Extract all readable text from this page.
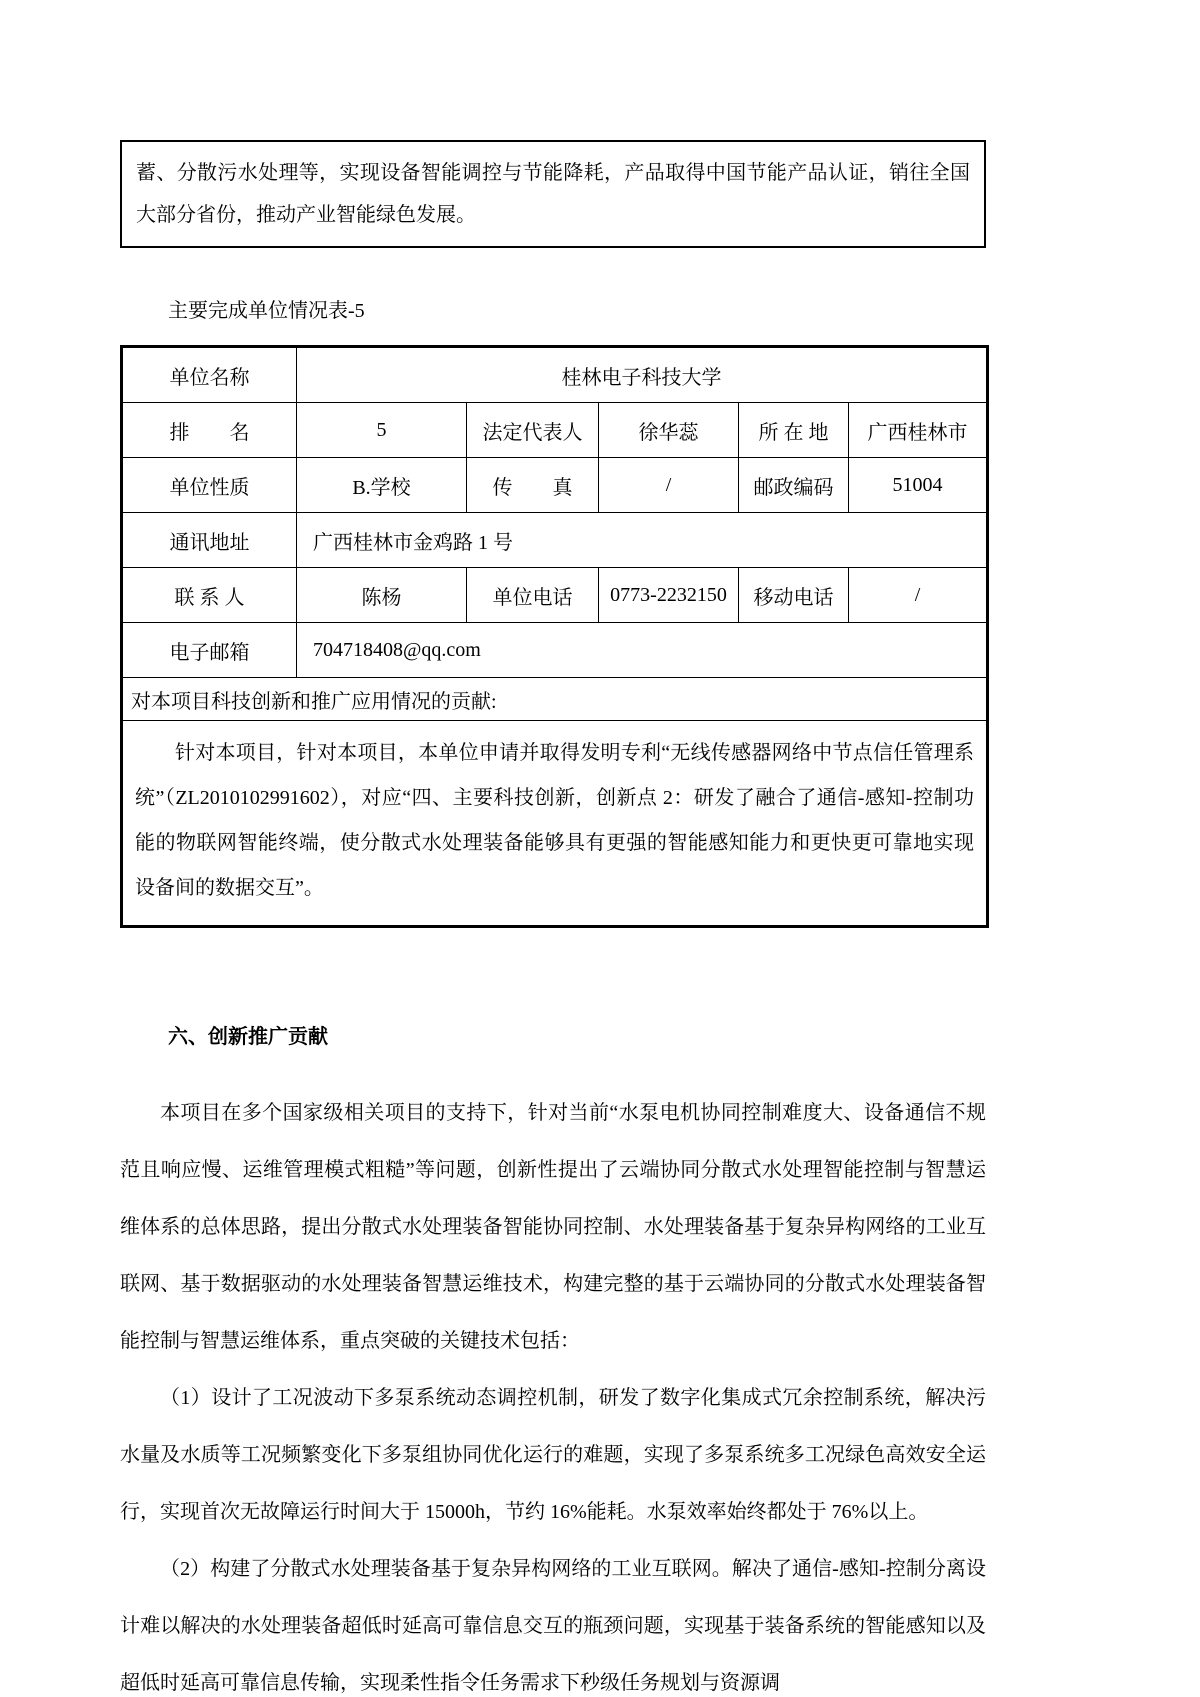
蓄、分散污水处理等，实现设备智能调控与节能降耗，产品取得中国节能产品认证，销往全国大部分省份，推动产业智能绿色发展。
主要完成单位情况表-5
单位名称	桂林电子科技大学				
排　　名	5	法定代表人	徐华蕊	所 在 地	广西桂林市
单位性质	B.学校	传　　真	/	邮政编码	51004
通讯地址	广西桂林市金鸡路 1 号				
联 系 人	陈杨	单位电话	0773-2232150	移动电话	/
电子邮箱	704718408@qq.com				
对本项目科技创新和推广应用情况的贡献:					

针对本项目，针对本项目，本单位申请并取得发明专利“无线传感器网络中节点信任管理系统”（ZL2010102991602），对应“四、主要科技创新，创新点 2：研发了融合了通信-感知-控制功能的物联网智能终端，使分散式水处理装备能够具有更强的智能感知能力和更快更可靠地实现设备间的数据交互”。					
六、创新推广贡献

本项目在多个国家级相关项目的支持下，针对当前“水泵电机协同控制难度大、设备通信不规范且响应慢、运维管理模式粗糙”等问题，创新性提出了云端协同分散式水处理智能控制与智慧运维体系的总体思路，提出分散式水处理装备智能协同控制、水处理装备基于复杂异构网络的工业互联网、基于数据驱动的水处理装备智慧运维技术，构建完整的基于云端协同的分散式水处理装备智能控制与智慧运维体系，重点突破的关键技术包括：

（1）设计了工况波动下多泵系统动态调控机制，研发了数字化集成式冗余控制系统，解决污水量及水质等工况频繁变化下多泵组协同优化运行的难题，实现了多泵系统多工况绿色高效安全运行，实现首次无故障运行时间大于 15000h，节约 16%能耗。水泵效率始终都处于 76%以上。

（2）构建了分散式水处理装备基于复杂异构网络的工业互联网。解决了通信-感知-控制分离设计难以解决的水处理装备超低时延高可靠信息交互的瓶颈问题，实现基于装备系统的智能感知以及超低时延高可靠信息传输，实现柔性指令任务需求下秒级任务规划与资源调
